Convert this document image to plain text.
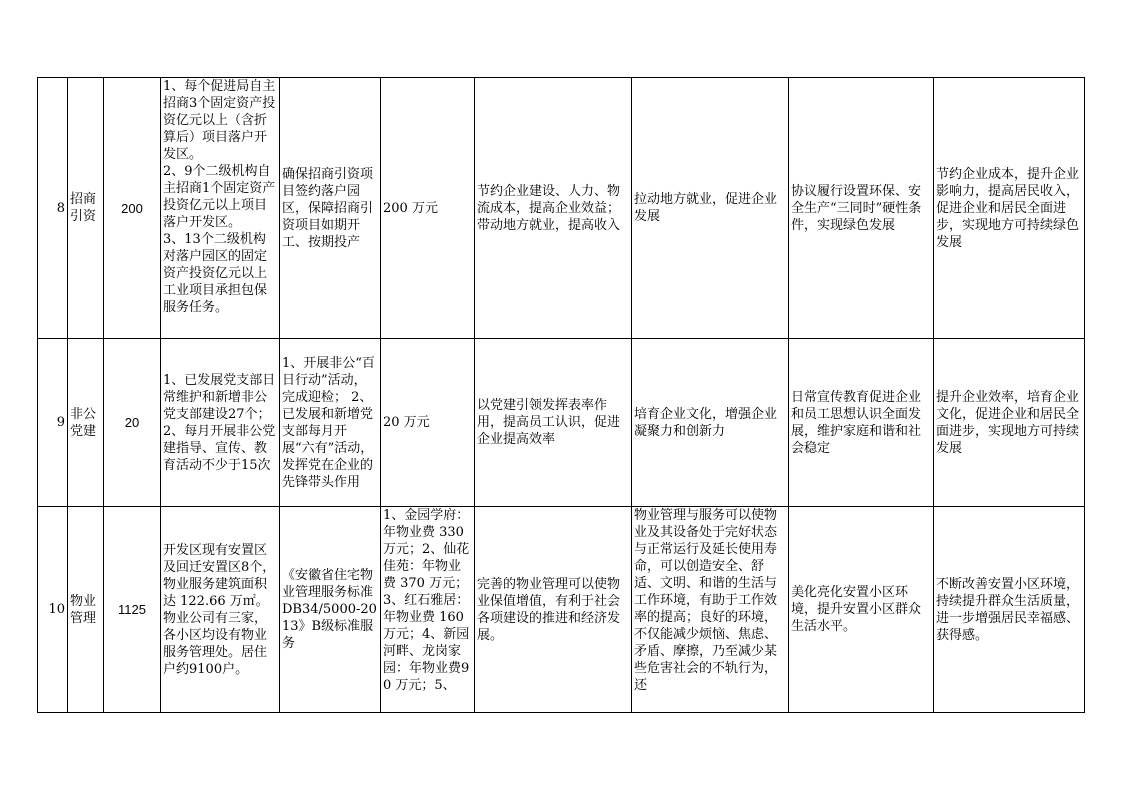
8	招商引资	200	1、每个促进局自主招商3个固定资产投资亿元以上（含折算后）项目落户开发区。
2、9个二级机构自主招商1个固定资产投资亿元以上项目落户开发区。
3、13个二级机构对落户园区的固定资产投资亿元以上工业项目承担包保服务任务。	确保招商引资项目签约落户园区，保障招商引资项目如期开工、按期投产	200 万元	节约企业建设、人力、物流成本，提高企业效益；带动地方就业，提高收入	拉动地方就业，促进企业发展	协议履行设置环保、安全生产“三同时”硬性条件，实现绿色发展	节约企业成本，提升企业影响力，提高居民收入，促进企业和居民全面进步，实现地方可持续绿色发展
9	非公党建	20	1、已发展党支部日常维护和新增非公党支部建设27个；2、每月开展非公党建指导、宣传、教育活动不少于15次	1、开展非公“百日行动”活动，完成迎检； 2、已发展和新增党支部每月开展“六有”活动，发挥党在企业的先锋带头作用	20 万元	以党建引领发挥表率作用，提高员工认识，促进企业提高效率	培育企业文化，增强企业凝聚力和创新力	日常宣传教育促进企业和员工思想认识全面发展，维护家庭和谐和社会稳定	提升企业效率，培育企业文化，促进企业和居民全面进步，实现地方可持续发展
10	物业管理	1125	开发区现有安置区及回迁安置区8个，物业服务建筑面积达 122.66 万㎡。物业公司有三家，各小区均设有物业服务管理处。居住户约9100户。	《安徽省住宅物业管理服务标准DB34/5000-2013》B级标准服务	1、金园学府：年物业费 330万元；2、仙花佳苑：年物业费 370 万元；3、红石雅居：年物业费 160万元；4、新园河畔、龙岗家园：年物业费90 万元；5、	完善的物业管理可以使物业保值增值，有利于社会各项建设的推进和经济发展。	物业管理与服务可以使物业及其设备处于完好状态与正常运行及延长使用寿命，可以创造安全、舒适、文明、和谐的生活与工作环境，有助于工作效率的提高；良好的环境，不仅能减少烦恼、焦虑、矛盾、摩擦，乃至减少某些危害社会的不轨行为，还	美化亮化安置小区环境，提升安置小区群众生活水平。	不断改善安置小区环境，持续提升群众生活质量，进一步增强居民幸福感、获得感。
